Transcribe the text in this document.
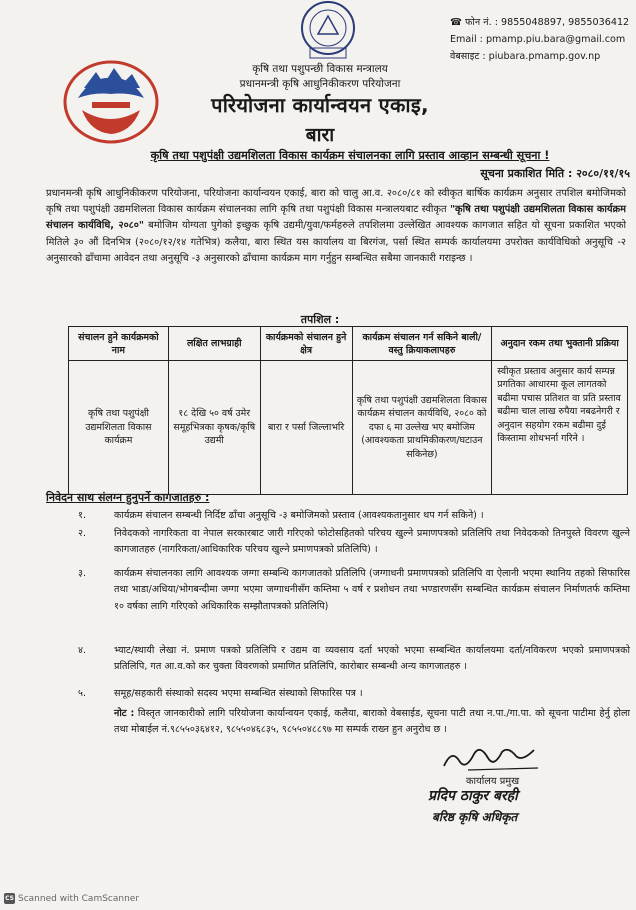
☎ फोन नं. : 9855048897, 9855036412
Email : pmamp.piu.bara@gmail.com
वेबसाइट : piubara.pmamp.gov.np
कृषि तथा पशुपन्छी विकास मन्त्रालय
प्रधानमन्त्री कृषि आधुनिकीकरण परियोजना
परियोजना कार्यान्वयन एकाइ,
बारा
कृषि तथा पशुपंक्षी उद्यमशिलता विकास कार्यक्रम संचालनका लागि प्रस्ताव आव्हान सम्बन्धी सूचना !
सूचना प्रकाशित मिति : २०८०/११/१५
प्रधानमन्त्री कृषि आधुनिकीकरण परियोजना, परियोजना कार्यान्वयन एकाई, बारा को चालु आ.व. २०८०/८१ को स्वीकृत बार्षिक कार्यक्रम अनुसार तपशिल बमोजिमको कृषि तथा पशुपंक्षी उद्यमशिलता विकास कार्यक्रम संचालनका लागि कृषि तथा पशुपंक्षी विकास मन्त्रालयबाट स्वीकृत "कृषि तथा पशुपंक्षी उद्यमशिलता विकास कार्यक्रम संचालन कार्यविधि, २०८०" बमोजिम योग्यता पुगेको इच्छुक कृषि उद्यमी/युवा/फर्महरुले तपशिलमा उल्लेखित आवश्यक कागजात सहित यो सूचना प्रकाशित भएको मितिले ३० औं दिनभित्र (२०८०/१२/१४ गतेभित्र) कलैया, बारा स्थित यस कार्यालय वा बिरगंज, पर्सा स्थित सम्पर्क कार्यालयमा उपरोक्त कार्यविधिको अनुसूचि -२ अनुसारको ढाँचामा आवेदन तथा अनुसूचि -३ अनुसारको ढाँचामा कार्यक्रम माग गर्नुहुन सम्बन्धित सबैमा जानकारी गराइन्छ ।
तपशिल :
संचालन हुने कार्यक्रमको नाम	लक्षित लाभग्राही	कार्यक्रमको संचालन हुने क्षेत्र	कार्यक्रम संचालन गर्न सकिने बाली/वस्तु क्रियाकलापहरु	अनुदान रकम तथा भुक्तानी प्रक्रिया
कृषि तथा पशुपंक्षी उद्यमशिलता विकास कार्यक्रम	१८ देखि ५० वर्ष उमेर समूहभित्रका कृषक/कृषि उद्यमी	बारा र पर्सा जिल्लाभरि	कृषि तथा पशुपंक्षी उद्यमशिलता विकास कार्यक्रम संचालन कार्यविधि, २०८० को दफा ६ मा उल्लेख भए बमोजिम (आवश्यकता प्राथमिकीकरण/घटाउन सकिनेछ)	स्वीकृत प्रस्ताव अनुसार कार्य सम्पन्न प्रगतिका आधारमा कूल लागतको बढीमा पचास प्रतिशत वा प्रति प्रस्ताव बढीमा चाल लाख रुपैया नबढनेगरी र अनुदान सहयोग रकम बढीमा दुई किस्तामा शोधभर्ना गरिने ।
निवेदन साथ संलग्न हुनुपर्ने कागजातहरु :
१.	कार्यक्रम संचालन सम्बन्धी निर्दिष्ट ढाँचा अनुसूचि -३ बमोजिमको प्रस्ताव (आवश्यकतानुसार थप गर्न सकिने) ।
२.	निवेदकको नागरिकता वा नेपाल सरकारबाट जारी गरिएको फोटोसहितको परिचय खुल्ने प्रमाणपत्रको प्रतिलिपि तथा निवेदकको तिनपुस्ते विवरण खुल्ने कागजातहरु (नागरिकता/आधिकारिक परिचय खुल्ने प्रमाणपत्रको प्रतिलिपि) ।
३.	कार्यक्रम संचालनका लागि आवश्यक जग्गा सम्बन्धि कागजातको प्रतिलिपि (जग्गाधनी प्रमाणपत्रको प्रतिलिपि वा ऐलानी भएमा स्थानिय तहको सिफारिस तथा भाडा/अधिया/भोगबन्दीमा जग्गा भएमा जग्गाधनीसँग कम्तिमा ५ वर्ष र प्रशोधन तथा भण्डारणसँग सम्बन्धित कार्यक्रम संचालन निर्माणतर्फ कम्तिमा १० वर्षका लागि गरिएको अधिकारिक सम्झौतापत्रको प्रतिलिपि)
४.	भ्याट/स्थायी लेखा नं. प्रमाण पत्रको प्रतिलिपि र उद्यम वा व्यवसाय दर्ता भएको भएमा सम्बन्धित कार्यालयमा दर्ता/नविकरण भएको प्रमाणपत्रको प्रतिलिपि, गत आ.व.को कर चुक्ता विवरणको प्रमाणित प्रतिलिपि, कारोबार सम्बन्धी अन्य कागजातहरु ।
५.	समूह/सहकारी संस्थाको सदस्य भएमा सम्बन्धित संस्थाको सिफारिस पत्र ।
नोट : विस्तृत जानकारीको लागि परियोजना कार्यान्वयन एकाई, कलैया, बाराको वेबसाईड, सूचना पाटी तथा न.पा./गा.पा. को सूचना पाटीमा हेर्नु होला तथा मोबाईल नं.९८५५०३६४१२, ९८५५०४६८३५, ९८५५०४८८९७ मा सम्पर्क राख्न हुन अनुरोध छ ।
कार्यालय प्रमुख
प्रदिप ठाकुर बरही
बरिष्ठ कृषि अधिकृत
CS Scanned with CamScanner
